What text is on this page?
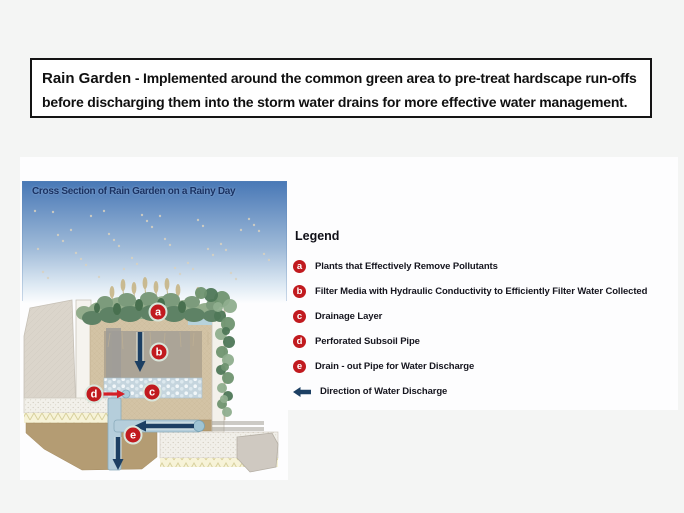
Rain Garden - Implemented around the common green area to pre-treat hardscape run-offs before discharging them into the storm water drains for more effective water management.
a
b
c
d
e
Cross Section of Rain Garden on a Rainy Day
Legend
a	Plants that Effectively Remove Pollutants
b	Filter Media with Hydraulic Conductivity to Efficiently Filter Water Collected
c	Drainage Layer
d	Perforated Subsoil Pipe
e	Drain - out Pipe for Water Discharge
Direction of Water Discharge
